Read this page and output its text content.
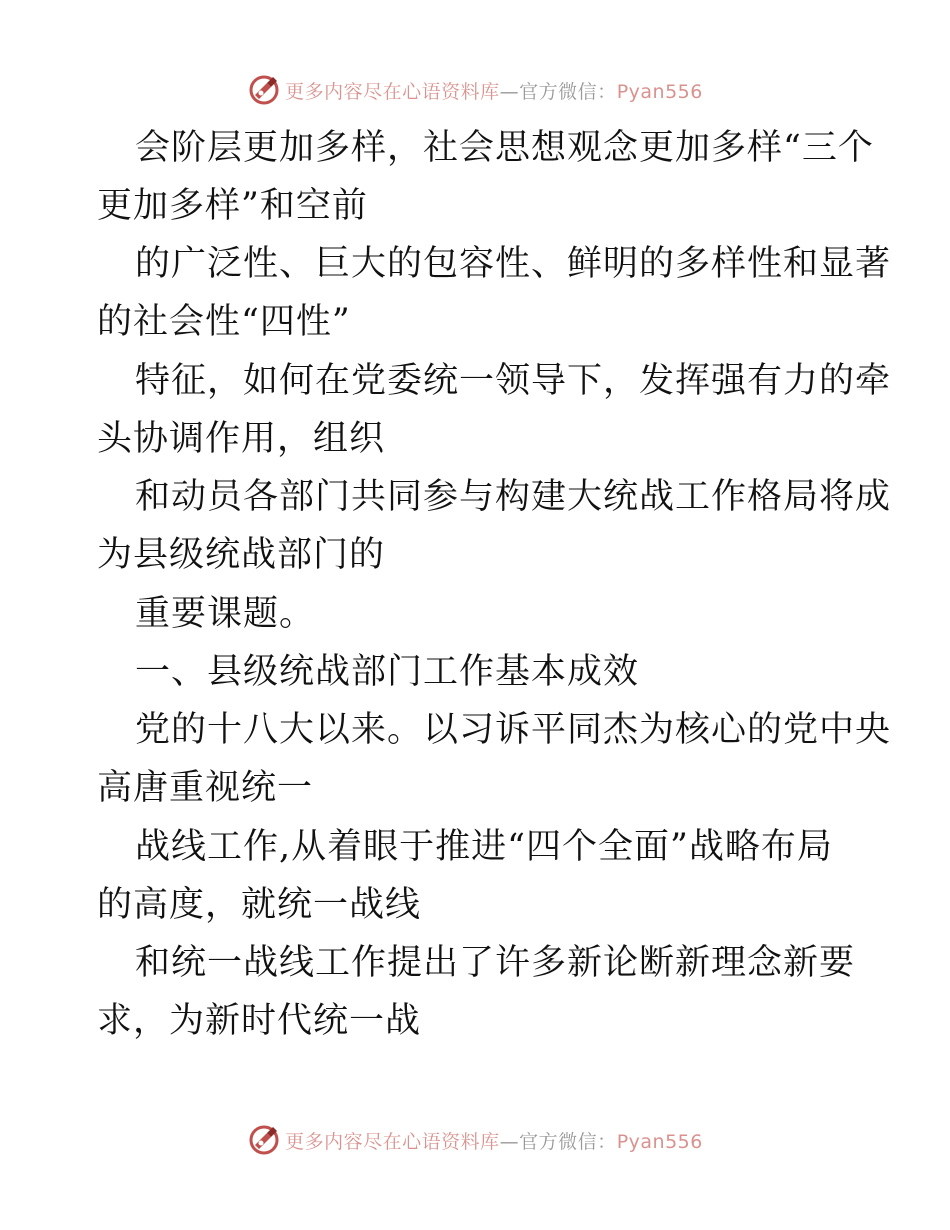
更多内容尽在心语资料库—官方微信：Pyan556
会阶层更加多样，社会思想观念更加多样“三个
更加多样”和空前
的广泛性、巨大的包容性、鲜明的多样性和显著
的社会性“四性”
特征，如何在党委统一领导下，发挥强有力的牵
头协调作用，组织
和动员各部门共同参与构建大统战工作格局将成
为县级统战部门的
重要课题。
一、县级统战部门工作基本成效
党的十八大以来。以习诉平同杰为核心的党中央
高唐重视统一
战线工作,从着眼于推进“四个全面”战略布局
的高度，就统一战线
和统一战线工作提出了许多新论断新理念新要
求，为新时代统一战
更多内容尽在心语资料库—官方微信：Pyan556
